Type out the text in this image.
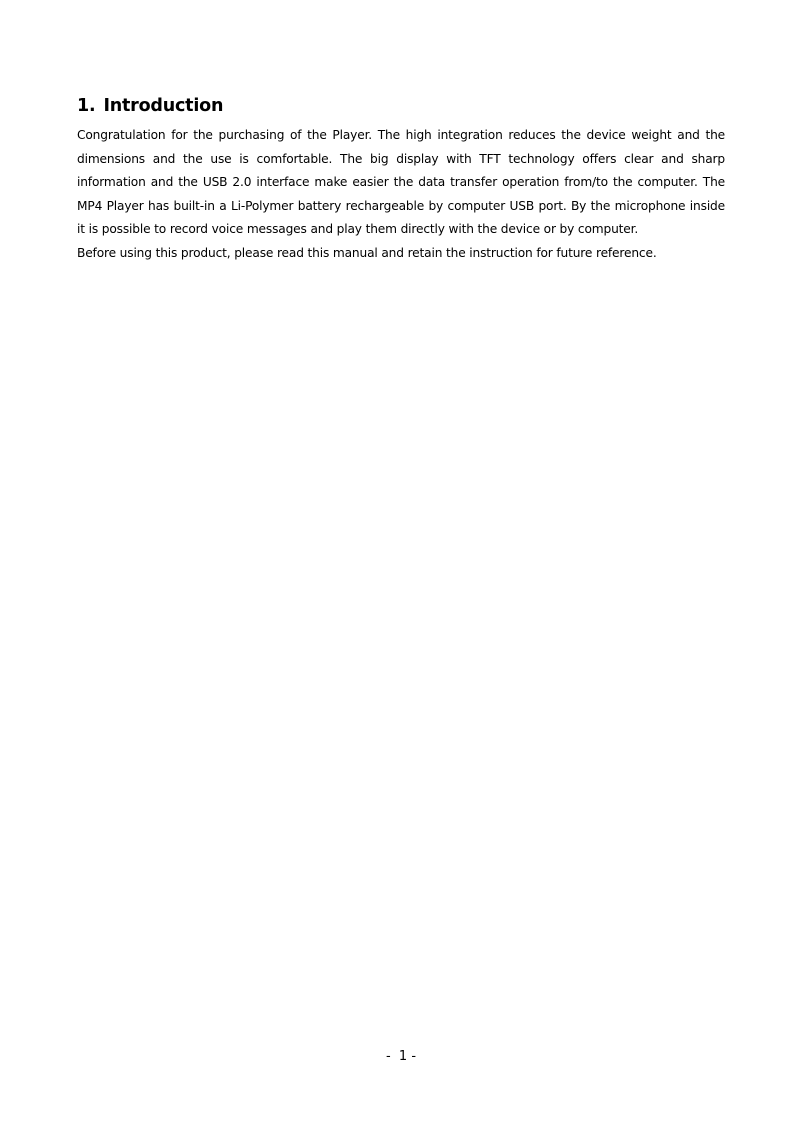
1. Introduction

Congratulation for the purchasing of the Player. The high integration reduces the device weight and the dimensions and the use is comfortable. The big display with TFT technology offers clear and sharp information and the USB 2.0 interface make easier the data transfer operation from/to the computer. The MP4 Player has built-in a Li-Polymer battery rechargeable by computer USB port. By the microphone inside it is possible to record voice messages and play them directly with the device or by computer.

Before using this product, please read this manual and retain the instruction for future reference.

-  1 -
